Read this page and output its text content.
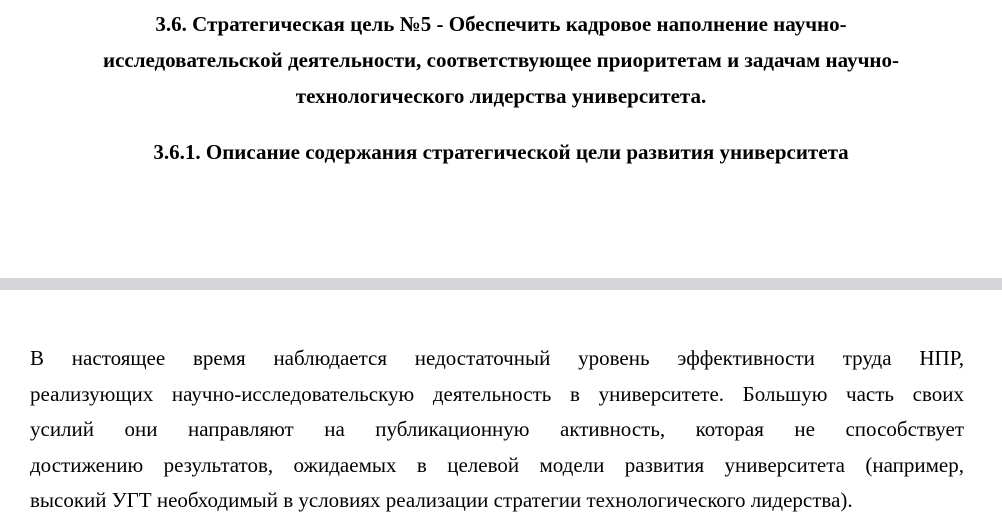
3.6. Стратегическая цель №5 - Обеспечить кадровое наполнение научно-
исследовательской деятельности, соответствующее приоритетам и задачам научно-
технологического лидерства университета.
3.6.1. Описание содержания стратегической цели развития университета

В настоящее время наблюдается недостаточный уровень эффективности труда НПР,
реализующих научно-исследовательскую деятельность в университете. Большую часть своих
усилий они направляют на публикационную активность, которая не способствует
достижению результатов, ожидаемых в целевой модели развития университета (например,
высокий УГТ необходимый в условиях реализации стратегии технологического лидерства).
